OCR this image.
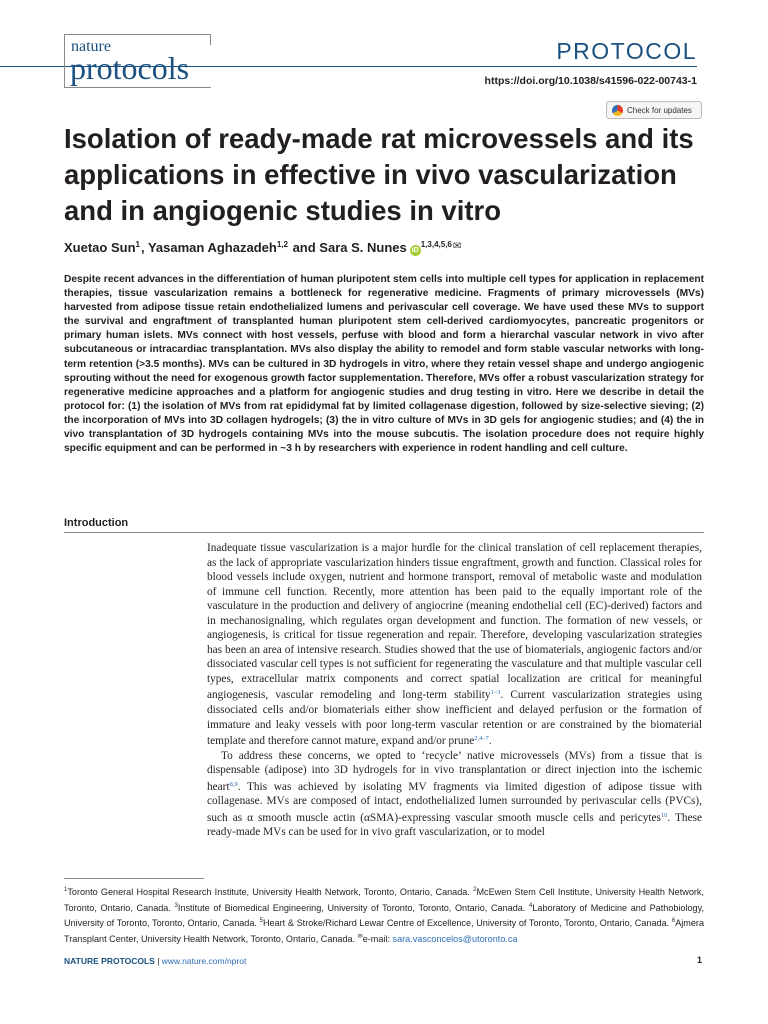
nature
protocols	PROTOCOL
https://doi.org/10.1038/s41596-022-00743-1
Check for updates
Isolation of ready-made rat microvessels and its applications in effective in vivo vascularization and in angiogenic studies in vitro
Xuetao Sun$^1$, Yasaman Aghazadeh$^{1,2}$ and Sara S. Nunes iD$^{1,3,4,5,6}$✉

Despite recent advances in the differentiation of human pluripotent stem cells into multiple cell types for application in replacement therapies, tissue vascularization remains a bottleneck for regenerative medicine. Fragments of primary microvessels (MVs) harvested from adipose tissue retain endothelialized lumens and perivascular cell coverage. We have used these MVs to support the survival and engraftment of transplanted human pluripotent stem cell-derived cardiomyocytes, pancreatic progenitors or primary human islets. MVs connect with host vessels, perfuse with blood and form a hierarchal vascular network in vivo after subcutaneous or intracardiac transplantation. MVs also display the ability to remodel and form stable vascular networks with long-term retention (>3.5 months). MVs can be cultured in 3D hydrogels in vitro, where they retain vessel shape and undergo angiogenic sprouting without the need for exogenous growth factor supplementation. Therefore, MVs offer a robust vascularization strategy for regenerative medicine approaches and a platform for angiogenic studies and drug testing in vitro. Here we describe in detail the protocol for: (1) the isolation of MVs from rat epididymal fat by limited collagenase digestion, followed by size-selective sieving; (2) the incorporation of MVs into 3D collagen hydrogels; (3) the in vitro culture of MVs in 3D gels for angiogenic studies; and (4) the in vivo transplantation of 3D hydrogels containing MVs into the mouse subcutis. The isolation procedure does not require highly specific equipment and can be performed in ~3 h by researchers with experience in rodent handling and cell culture.

Introduction

Inadequate tissue vascularization is a major hurdle for the clinical translation of cell replacement therapies, as the lack of appropriate vascularization hinders tissue engraftment, growth and function. Classical roles for blood vessels include oxygen, nutrient and hormone transport, removal of metabolic waste and modulation of immune cell function. Recently, more attention has been paid to the equally important role of the vasculature in the production and delivery of angiocrine (meaning endothelial cell (EC)-derived) factors and in mechanosignaling, which regulates organ development and function. The formation of new vessels, or angiogenesis, is critical for tissue regeneration and repair. Therefore, developing vascularization strategies has been an area of intensive research. Studies showed that the use of biomaterials, angiogenic factors and/or dissociated vascular cell types is not sufficient for regenerating the vasculature and that multiple vascular cell types, extracellular matrix components and correct spatial localization are critical for meaningful angiogenesis, vascular remodeling and long-term stability$^{1-3}$. Current vascularization strategies using dissociated cells and/or biomaterials either show inefficient and delayed perfusion or the formation of immature and leaky vessels with poor long-term vascular retention or are constrained by the biomaterial template and therefore cannot mature, expand and/or prune$^{2,4-7}$.

To address these concerns, we opted to ‘recycle’ native microvessels (MVs) from a tissue that is dispensable (adipose) into 3D hydrogels for in vivo transplantation or direct injection into the ischemic heart$^{8,9}$. This was achieved by isolating MV fragments via limited digestion of adipose tissue with collagenase. MVs are composed of intact, endothelialized lumen surrounded by perivascular cells (PVCs), such as α smooth muscle actin (αSMA)-expressing vascular smooth muscle cells and pericytes$^{10}$. These ready-made MVs can be used for in vivo graft vascularization, or to model

$^1$Toronto General Hospital Research Institute, University Health Network, Toronto, Ontario, Canada. $^2$McEwen Stem Cell Institute, University Health Network, Toronto, Ontario, Canada. $^3$Institute of Biomedical Engineering, University of Toronto, Toronto, Ontario, Canada. $^4$Laboratory of Medicine and Pathobiology, University of Toronto, Toronto, Ontario, Canada. $^5$Heart & Stroke/Richard Lewar Centre of Excellence, University of Toronto, Toronto, Ontario, Canada. $^6$Ajmera Transplant Center, University Health Network, Toronto, Ontario, Canada. ✉e-mail: sara.vasconcelos@utoronto.ca

NATURE PROTOCOLS | www.nature.com/nprot	1
